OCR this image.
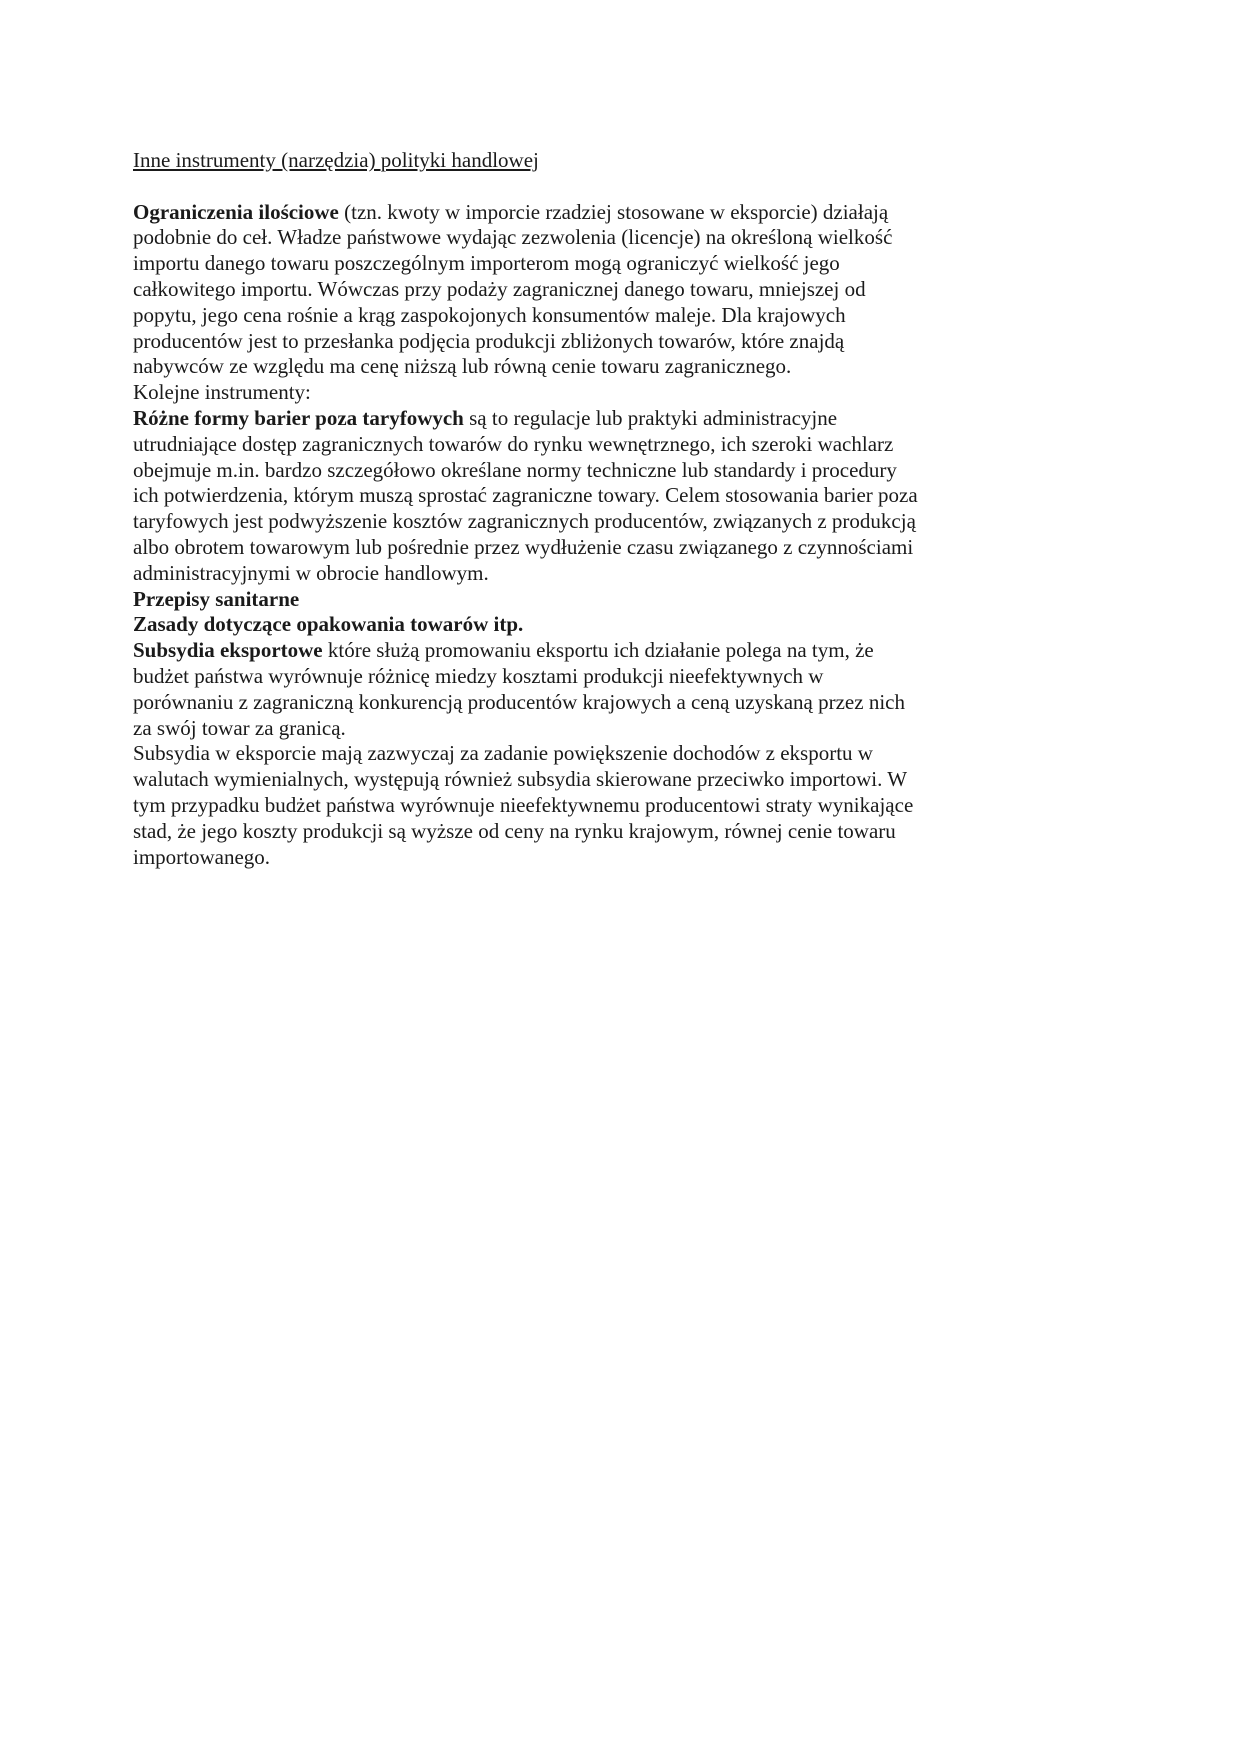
Inne instrumenty (narzędzia) polityki handlowej
Ograniczenia ilościowe (tzn. kwoty w imporcie rzadziej stosowane w eksporcie) działają
podobnie do ceł. Władze państwowe wydając zezwolenia (licencje) na określoną wielkość
importu danego towaru poszczególnym importerom mogą ograniczyć wielkość jego
całkowitego importu. Wówczas przy podaży zagranicznej danego towaru, mniejszej od
popytu, jego cena rośnie a krąg zaspokojonych konsumentów maleje. Dla krajowych
producentów jest to przesłanka podjęcia produkcji zbliżonych towarów, które znajdą
nabywców ze względu ma cenę niższą lub równą cenie towaru zagranicznego.
Kolejne instrumenty:
Różne formy barier poza taryfowych są to regulacje lub praktyki administracyjne
utrudniające dostęp zagranicznych towarów do rynku wewnętrznego, ich szeroki wachlarz
obejmuje m.in. bardzo szczegółowo określane normy techniczne lub standardy i procedury
ich potwierdzenia, którym muszą sprostać zagraniczne towary. Celem stosowania barier poza
taryfowych jest podwyższenie kosztów zagranicznych producentów, związanych z produkcją
albo obrotem towarowym lub pośrednie przez wydłużenie czasu związanego z czynnościami
administracyjnymi w obrocie handlowym.
Przepisy sanitarne
Zasady dotyczące opakowania towarów itp.
Subsydia eksportowe które służą promowaniu eksportu ich działanie polega na tym, że
budżet państwa wyrównuje różnicę miedzy kosztami produkcji nieefektywnych w
porównaniu z zagraniczną konkurencją producentów krajowych a ceną uzyskaną przez nich
za swój towar za granicą.
Subsydia w eksporcie mają zazwyczaj za zadanie powiększenie dochodów z eksportu w
walutach wymienialnych, występują również subsydia skierowane przeciwko importowi. W
tym przypadku budżet państwa wyrównuje nieefektywnemu producentowi straty wynikające
stad, że jego koszty produkcji są wyższe od ceny na rynku krajowym, równej cenie towaru
importowanego.
